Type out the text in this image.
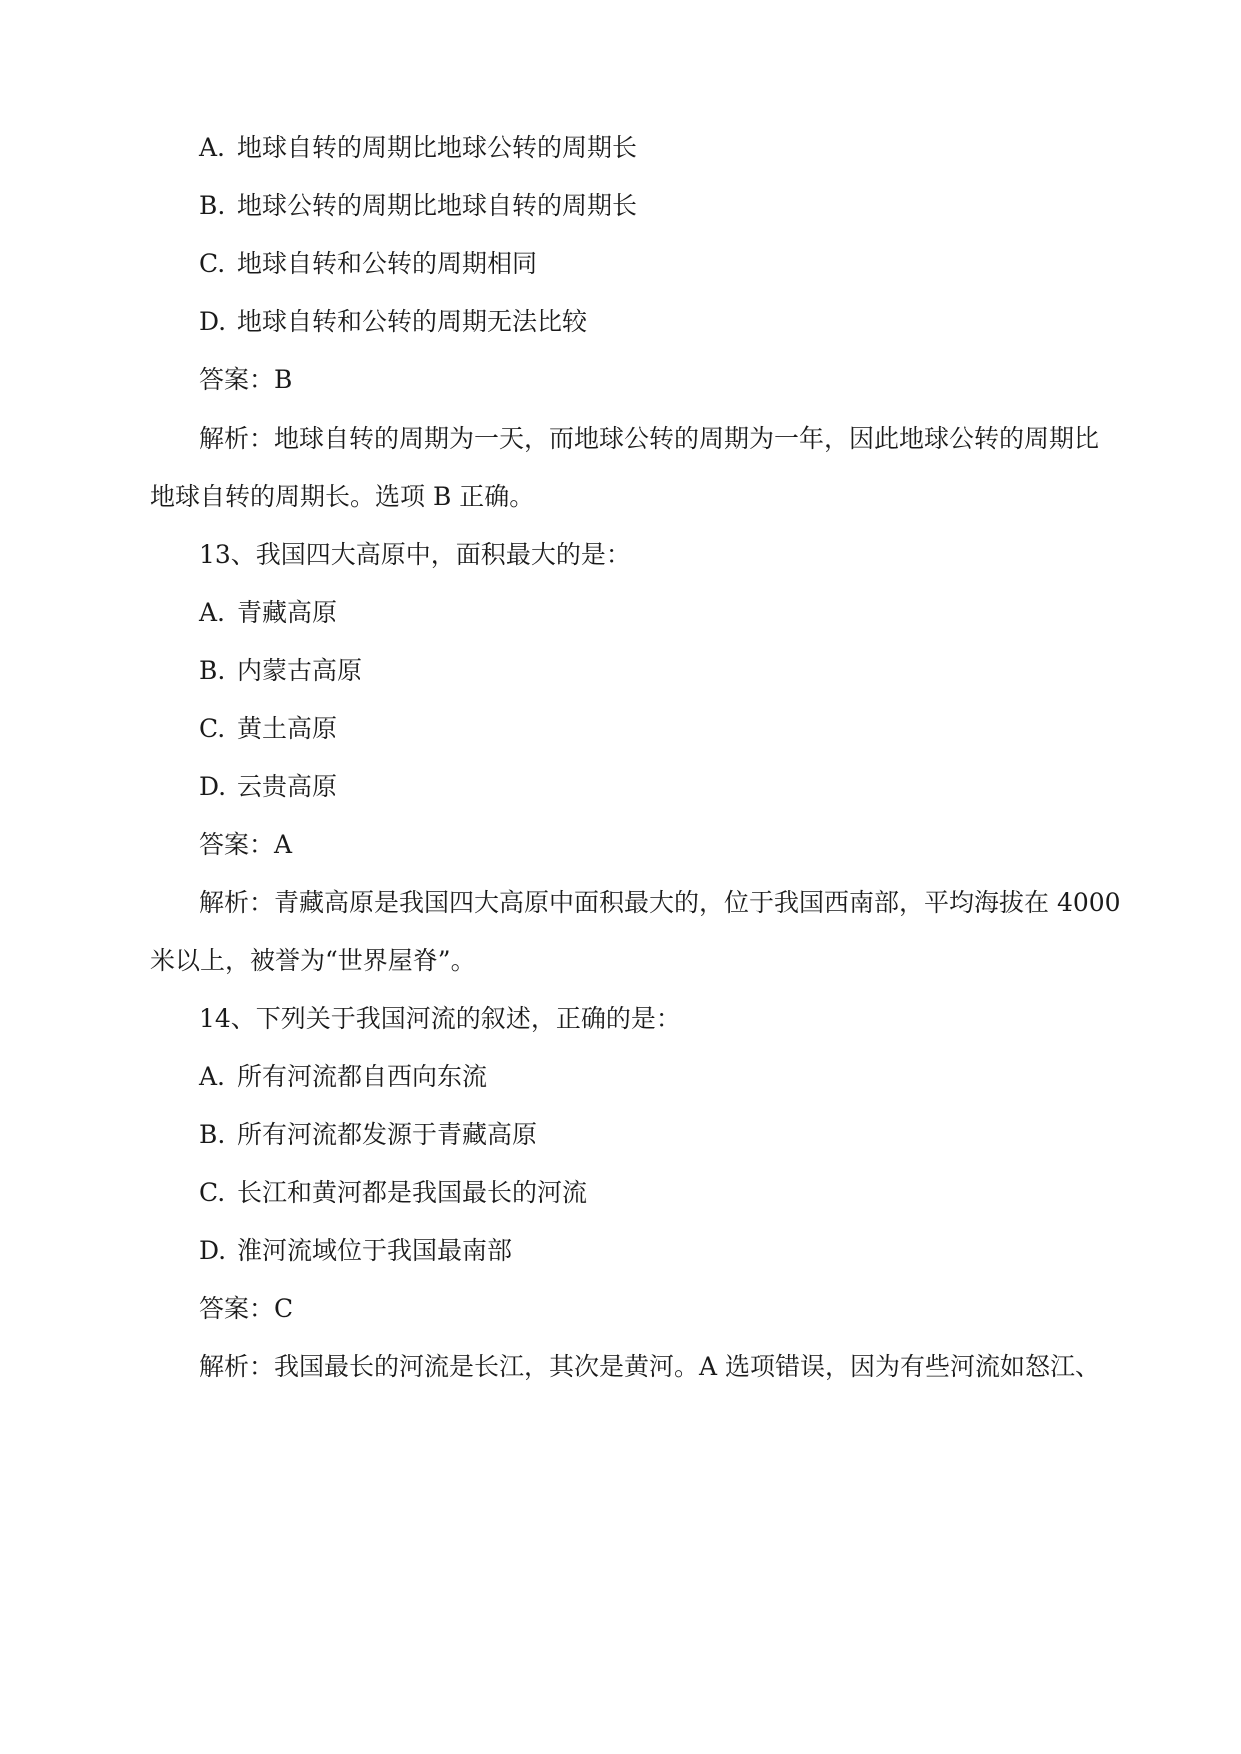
A. 地球自转的周期比地球公转的周期长

B. 地球公转的周期比地球自转的周期长

C. 地球自转和公转的周期相同

D. 地球自转和公转的周期无法比较

答案：B

解析：地球自转的周期为一天，而地球公转的周期为一年，因此地球公转的周期比

地球自转的周期长。选项 B 正确。

13、我国四大高原中，面积最大的是：

A. 青藏高原

B. 内蒙古高原

C. 黄土高原

D. 云贵高原

答案：A

解析：青藏高原是我国四大高原中面积最大的，位于我国西南部，平均海拔在 4000

米以上，被誉为“世界屋脊”。

14、下列关于我国河流的叙述，正确的是：

A. 所有河流都自西向东流

B. 所有河流都发源于青藏高原

C. 长江和黄河都是我国最长的河流

D. 淮河流域位于我国最南部

答案：C

解析：我国最长的河流是长江，其次是黄河。A 选项错误，因为有些河流如怒江、
